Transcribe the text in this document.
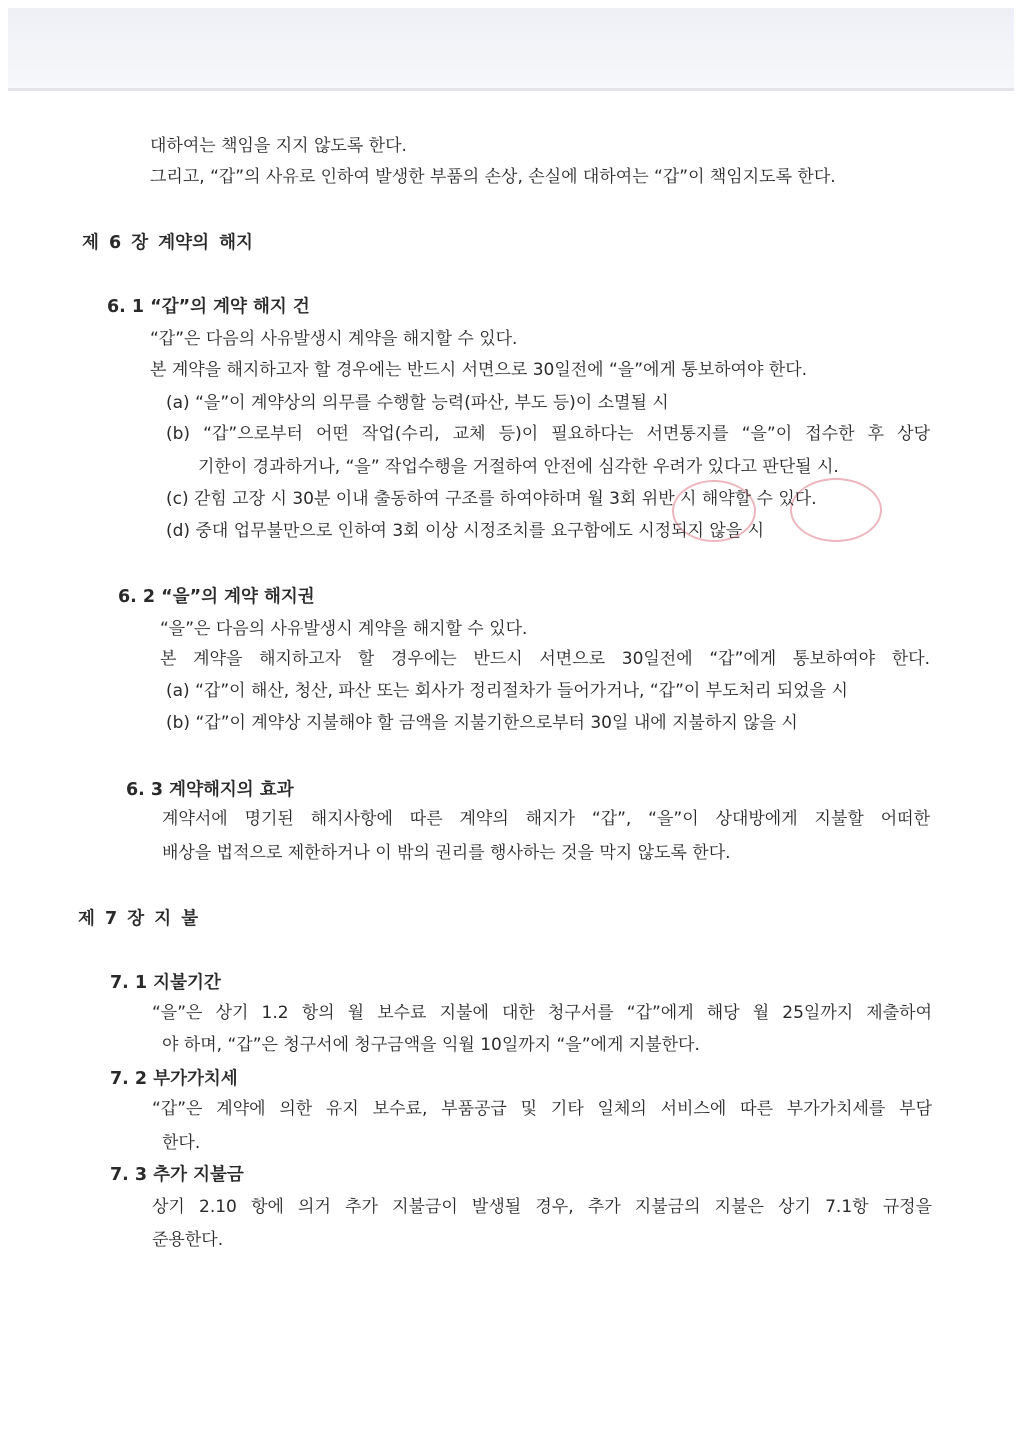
대하여는 책임을 지지 않도록 한다.
그리고, “갑”의 사유로 인하여 발생한 부품의 손상, 손실에 대하여는 “갑”이 책임지도록 한다.
제 6 장 계약의 해지
6. 1 “갑”의 계약 해지 건
“갑”은 다음의 사유발생시 계약을 해지할 수 있다.
본 계약을 해지하고자 할 경우에는 반드시 서면으로 30일전에 “을”에게 통보하여야 한다.
(a) “을”이 계약상의 의무를 수행할 능력(파산, 부도 등)이 소멸될 시
(b) “갑”으로부터 어떤 작업(수리, 교체 등)이 필요하다는 서면통지를 “을”이 접수한 후 상당
기한이 경과하거나, “을” 작업수행을 거절하여 안전에 심각한 우려가 있다고 판단될 시.
(c) 갇힘 고장 시 30분 이내 출동하여 구조를 하여야하며 월 3회 위반 시 해약할 수 있다.
(d) 중대 업무불만으로 인하여 3회 이상 시정조치를 요구함에도 시정되지 않을 시
6. 2 “을”의 계약 해지권
“을”은 다음의 사유발생시 계약을 해지할 수 있다.
본 계약을 해지하고자 할 경우에는 반드시 서면으로 30일전에 “갑”에게 통보하여야 한다.
(a) “갑”이 해산, 청산, 파산 또는 회사가 정리절차가 들어가거나, “갑”이 부도처리 되었을 시
(b) “갑”이 계약상 지불해야 할 금액을 지불기한으로부터 30일 내에 지불하지 않을 시
6. 3 계약해지의 효과
계약서에 명기된 해지사항에 따른 계약의 해지가 “갑”, “을”이 상대방에게 지불할 어떠한
배상을 법적으로 제한하거나 이 밖의 권리를 행사하는 것을 막지 않도록 한다.
제 7 장 지 불
7. 1 지불기간
“을”은 상기 1.2 항의 월 보수료 지불에 대한 청구서를 “갑”에게 해당 월 25일까지 제출하여
야 하며, “갑”은 청구서에 청구금액을 익월 10일까지 “을”에게 지불한다.
7. 2 부가가치세
“갑”은 계약에 의한 유지 보수료, 부품공급 및 기타 일체의 서비스에 따른 부가가치세를 부담
한다.
7. 3 추가 지불금
상기 2.10 항에 의거 추가 지불금이 발생될 경우, 추가 지불금의 지불은 상기 7.1항 규정을
준용한다.
